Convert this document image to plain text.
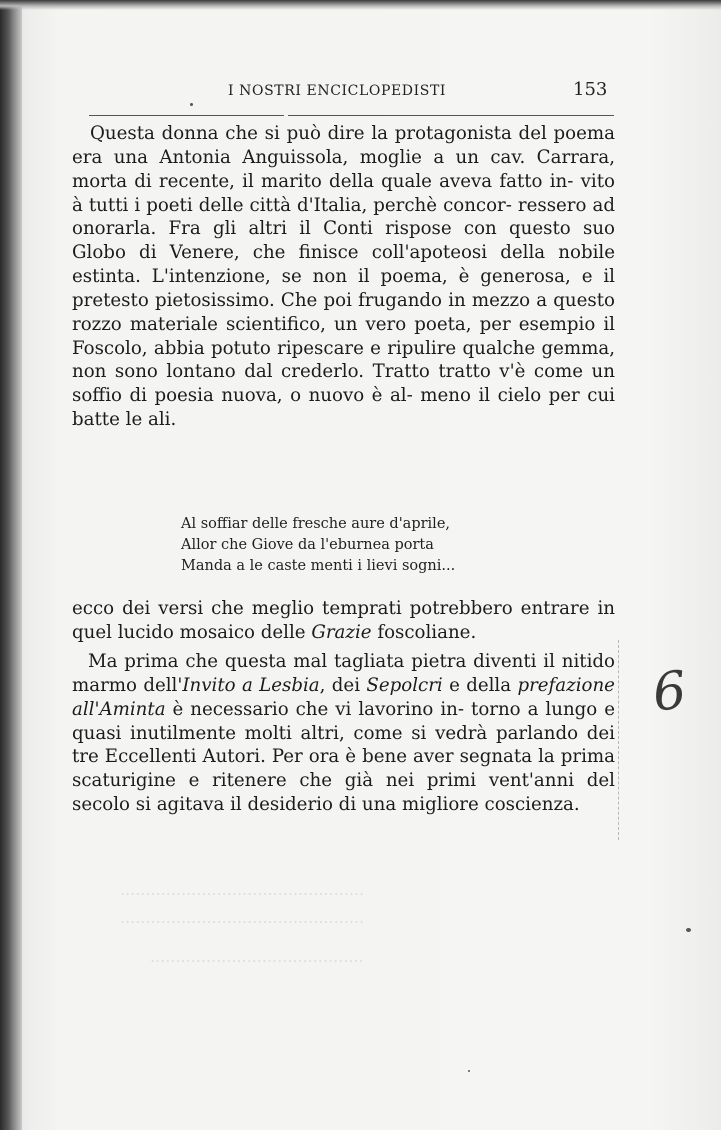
I NOSTRI ENCICLOPEDISTI	153
Questa donna che si può dire la protagonista del poema era una Antonia Anguissola, moglie a un cav. Carrara, morta di recente, il marito della quale aveva fatto in- vito à tutti i poeti delle città d'Italia, perchè concor- ressero ad onorarla. Fra gli altri il Conti rispose con questo suo Globo di Venere, che finisce coll'apoteosi della nobile estinta. L'intenzione, se non il poema, è generosa, e il pretesto pietosissimo. Che poi frugando in mezzo a questo rozzo materiale scientifico, un vero poeta, per esempio il Foscolo, abbia potuto ripescare e ripulire qualche gemma, non sono lontano dal crederlo. Tratto tratto v'è come un soffio di poesia nuova, o nuovo è al- meno il cielo per cui batte le ali.
Al soffiar delle fresche aure d'aprile,
Allor che Giove da l'eburnea porta
Manda a le caste menti i lievi sogni...
ecco dei versi che meglio temprati potrebbero entrare in quel lucido mosaico delle Grazie foscoliane.
Ma prima che questa mal tagliata pietra diventi il nitido marmo dell'Invito a Lesbia, dei Sepolcri e della prefazione all'Aminta è necessario che vi lavorino in- torno a lungo e quasi inutilmente molti altri, come si vedrà parlando dei tre Eccellenti Autori. Per ora è bene aver segnata la prima scaturigine e ritenere che già nei primi vent'anni del secolo si agitava il desiderio di una migliore coscienza.
6
................................................
................................................
..........................................
